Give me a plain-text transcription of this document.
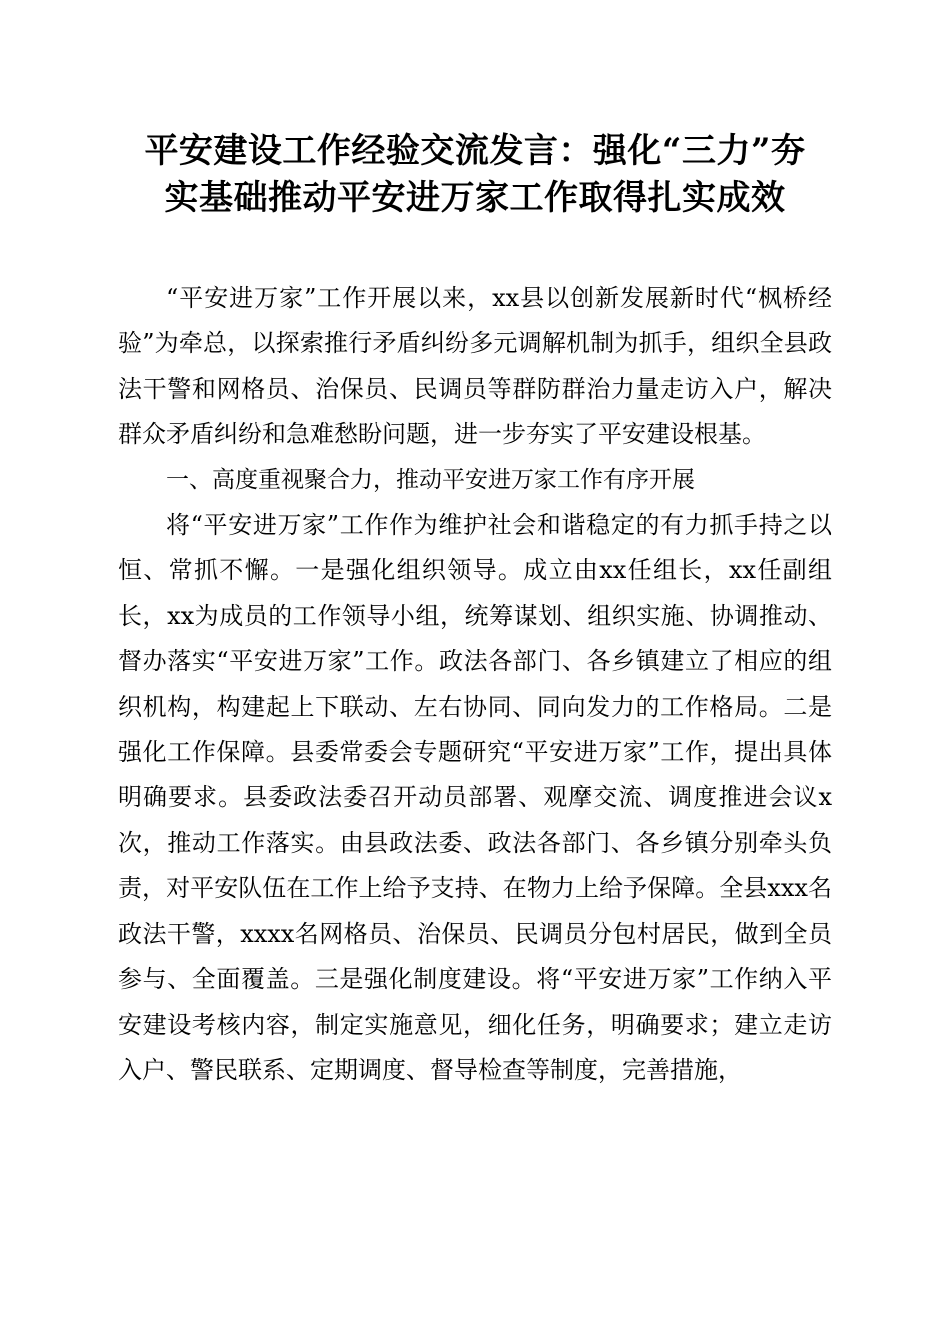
平安建设工作经验交流发言：强化“三力”夯
实基础推动平安进万家工作取得扎实成效

“平安进万家”工作开展以来，xx县以创新发展新时代“枫桥经验”为牵总，以探索推行矛盾纠纷多元调解机制为抓手，组织全县政法干警和网格员、治保员、民调员等群防群治力量走访入户，解决群众矛盾纠纷和急难愁盼问题，进一步夯实了平安建设根基。

一、高度重视聚合力，推动平安进万家工作有序开展

将“平安进万家”工作作为维护社会和谐稳定的有力抓手持之以恒、常抓不懈。一是强化组织领导。成立由xx任组长，xx任副组长，xx为成员的工作领导小组，统筹谋划、组织实施、协调推动、督办落实“平安进万家”工作。政法各部门、各乡镇建立了相应的组织机构，构建起上下联动、左右协同、同向发力的工作格局。二是强化工作保障。县委常委会专题研究“平安进万家”工作，提出具体明确要求。县委政法委召开动员部署、观摩交流、调度推进会议x次，推动工作落实。由县政法委、政法各部门、各乡镇分别牵头负责，对平安队伍在工作上给予支持、在物力上给予保障。全县xxx名政法干警，xxxx名网格员、治保员、民调员分包村居民，做到全员参与、全面覆盖。三是强化制度建设。将“平安进万家”工作纳入平安建设考核内容，制定实施意见，细化任务，明确要求；建立走访入户、警民联系、定期调度、督导检查等制度，完善措施，
